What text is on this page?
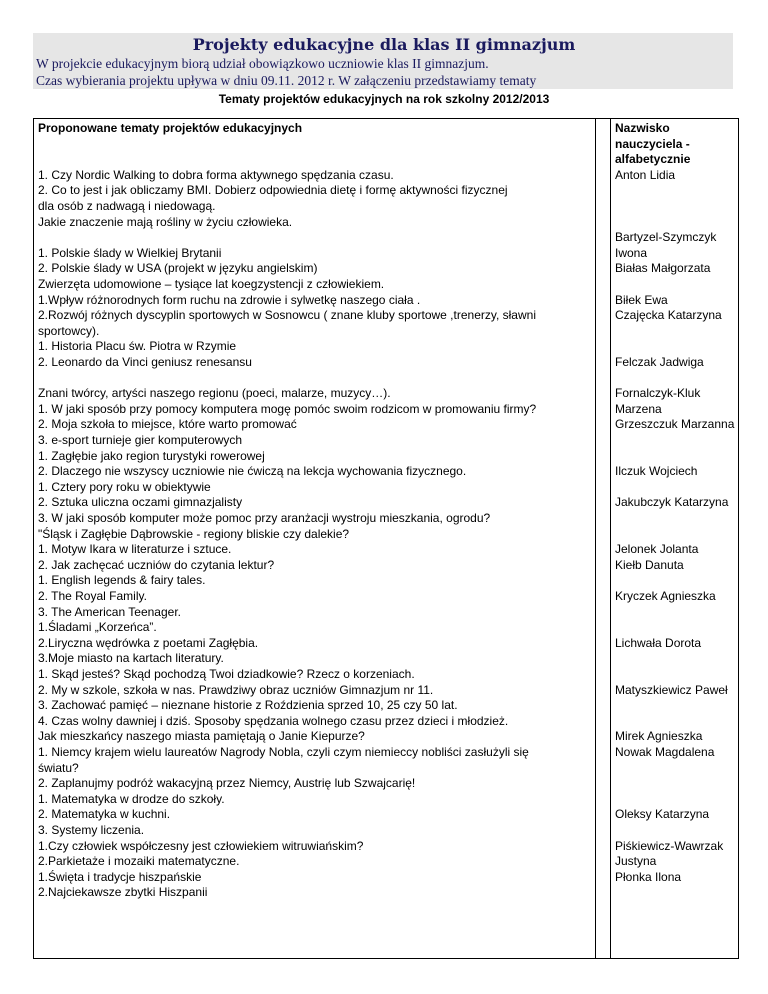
Projekty edukacyjne dla klas II gimnazjum
W projekcie edukacyjnym biorą udział obowiązkowo uczniowie klas II gimnazjum.
Czas wybierania projektu upływa w dniu 09.11. 2012 r. W załączeniu przedstawiamy tematy
Tematy projektów edukacyjnych na rok szkolny 2012/2013
Proponowane tematy projektów edukacyjnych
1. Czy Nordic Walking to dobra forma aktywnego spędzania czasu.
2. Co to jest i jak obliczamy BMI. Dobierz odpowiednia dietę i formę aktywności fizycznej
dla osób z nadwagą i niedowagą.
Jakie znaczenie mają rośliny w życiu człowieka.
1. Polskie ślady w Wielkiej Brytanii
2. Polskie ślady w USA (projekt w języku angielskim)
Zwierzęta udomowione – tysiące lat koegzystencji z człowiekiem.
1.Wpływ różnorodnych form ruchu na zdrowie i sylwetkę naszego ciała .
2.Rozwój różnych dyscyplin sportowych w Sosnowcu ( znane kluby sportowe ,trenerzy, sławni
sportowcy).
1. Historia Placu św. Piotra w Rzymie
2. Leonardo da Vinci geniusz renesansu
Znani twórcy, artyści naszego regionu (poeci, malarze, muzycy…).
1. W jaki sposób przy pomocy komputera mogę pomóc swoim rodzicom w promowaniu firmy?
2. Moja szkoła to miejsce, które warto promować
3. e-sport turnieje gier komputerowych
1. Zagłębie jako region turystyki rowerowej
2. Dlaczego nie wszyscy uczniowie nie ćwiczą na lekcja wychowania fizycznego.
1. Cztery pory roku w obiektywie
2. Sztuka uliczna oczami gimnazjalisty
3. W jaki sposób komputer może pomoc przy aranżacji wystroju mieszkania, ogrodu?
"Śląsk i Zagłębie Dąbrowskie - regiony bliskie czy dalekie?
1. Motyw Ikara w literaturze i sztuce.
2. Jak zachęcać uczniów do czytania lektur?
1. English legends & fairy tales.
2. The Royal Family.
3. The American Teenager.
1.Śladami „Korzeńca”.
2.Liryczna wędrówka z poetami Zagłębia.
3.Moje miasto na kartach literatury.
1. Skąd jesteś? Skąd pochodzą Twoi dziadkowie? Rzecz o korzeniach.
2. My w szkole, szkoła w nas. Prawdziwy obraz uczniów Gimnazjum nr 11.
3. Zachować pamięć – nieznane historie z Roździenia sprzed 10, 25 czy 50 lat.
4. Czas wolny dawniej i dziś. Sposoby spędzania wolnego czasu przez dzieci i młodzież.
Jak mieszkańcy naszego miasta pamiętają o Janie Kiepurze?
1. Niemcy krajem wielu laureatów Nagrody Nobla, czyli czym niemieccy nobliści zasłużyli się
światu?
2. Zaplanujmy podróż wakacyjną przez Niemcy, Austrię lub Szwajcarię!
1. Matematyka w drodze do szkoły.
2. Matematyka w kuchni.
3. Systemy liczenia.
1.Czy człowiek współczesny jest człowiekiem witruwiańskim?
2.Parkietaże i mozaiki matematyczne.
1.Święta i tradycje hiszpańskie
2.Najciekawsze zbytki Hiszpanii
Nazwisko
nauczyciela -
alfabetycznie
Anton Lidia
Bartyzel-Szymczyk
Iwona
Białas Małgorzata
Biłek Ewa
Czajęcka Katarzyna
Felczak Jadwiga
Fornalczyk-Kluk
Marzena
Grzeszczuk Marzanna
Ilczuk Wojciech
Jakubczyk Katarzyna
Jelonek Jolanta
Kiełb Danuta
Kryczek Agnieszka
Lichwała Dorota
Matyszkiewicz Paweł
Mirek Agnieszka
Nowak Magdalena
Oleksy Katarzyna
Piśkiewicz-Wawrzak
Justyna
Płonka Ilona
